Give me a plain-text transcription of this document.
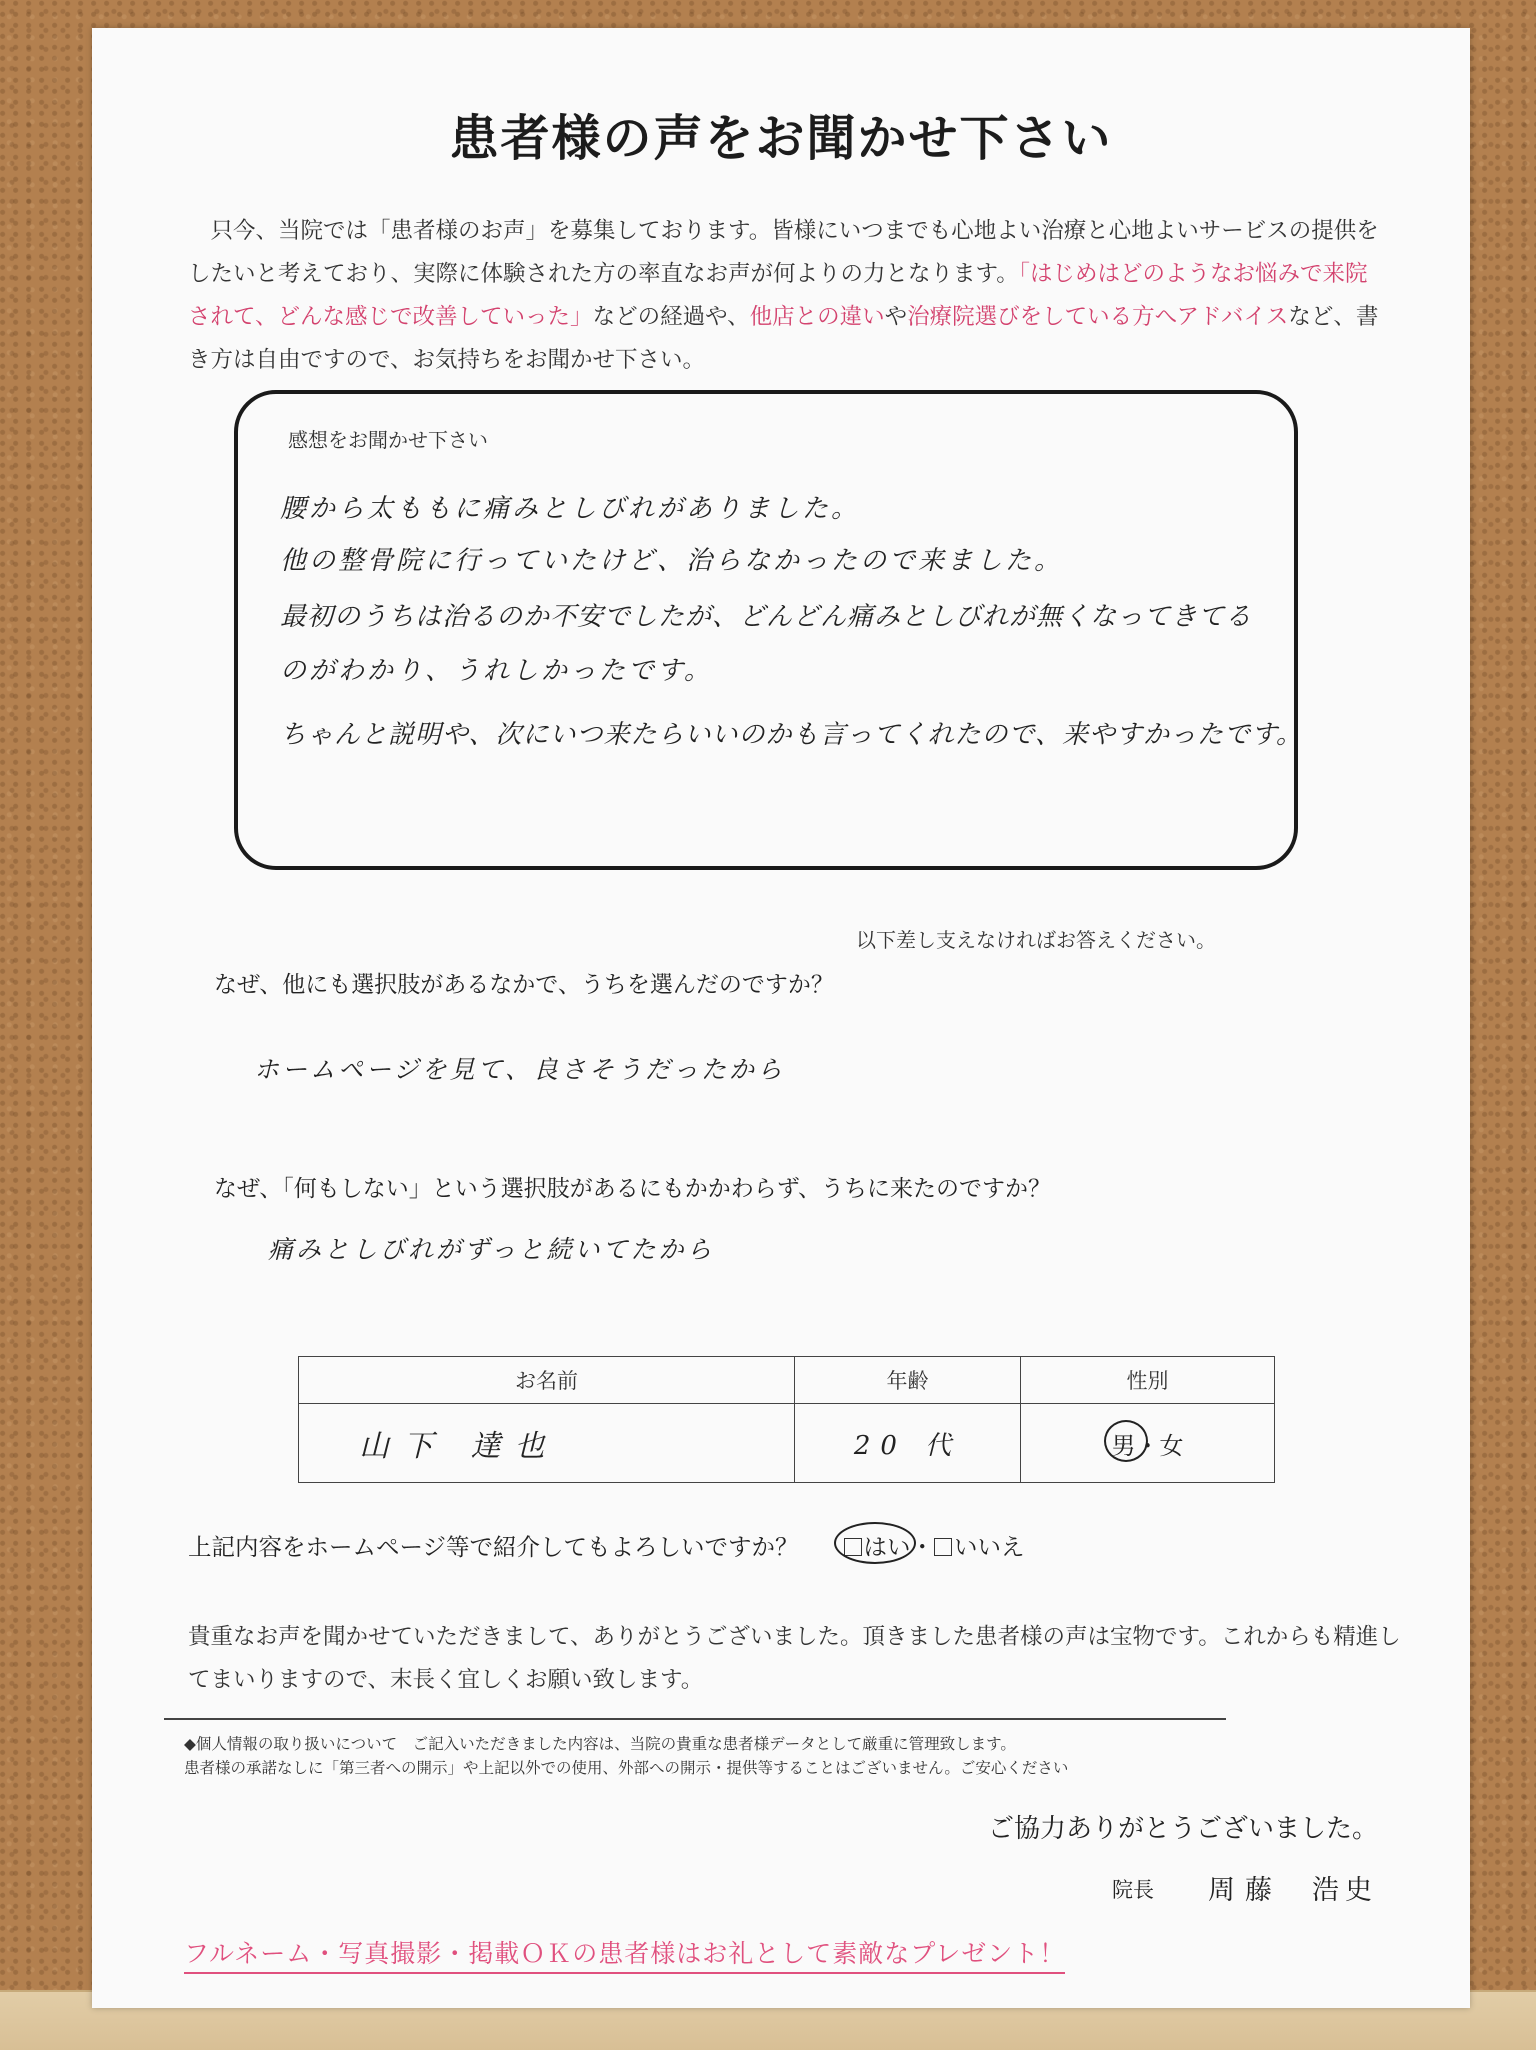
患者様の声をお聞かせ下さい
 只今、当院では「患者様のお声」を募集しております。皆様にいつまでも心地よい治療と心地よいサービスの提供をしたいと考えており、実際に体験された方の率直なお声が何よりの力となります。「はじめはどのようなお悩みで来院されて、どんな感じで改善していった」などの経過や、他店との違いや治療院選びをしている方へアドバイスなど、書き方は自由ですので、お気持ちをお聞かせ下さい。
感想をお聞かせ下さい
腰から太ももに痛みとしびれがありました。
他の整骨院に行っていたけど、治らなかったので来ました。
最初のうちは治るのか不安でしたが、どんどん痛みとしびれが無くなってきてる
のがわかり、うれしかったです。
ちゃんと説明や、次にいつ来たらいいのかも言ってくれたので、来やすかったです。
以下差し支えなければお答えください。
なぜ、他にも選択肢があるなかで、うちを選んだのですか？
ホームページを見て、良さそうだったから
なぜ、「何もしない」という選択肢があるにもかかわらず、うちに来たのですか？
痛みとしびれがずっと続いてたから
お名前	年齢	性別
山下 達也	20 代	男・女
上記内容をホームページ等で紹介してもよろしいですか？	はい・ いいえ
貴重なお声を聞かせていただきまして、ありがとうございました。頂きました患者様の声は宝物です。これからも精進してまいりますので、末長く宜しくお願い致します。
◆個人情報の取り扱いについて　ご記入いただきました内容は、当院の貴重な患者様データとして厳重に管理致します。
患者様の承諾なしに「第三者への開示」や上記以外での使用、外部への開示・提供等することはございません。ご安心ください
ご協力ありがとうございました。
院長 周藤 浩史
フルネーム・写真撮影・掲載ＯＫの患者様はお礼として素敵なプレゼント！
